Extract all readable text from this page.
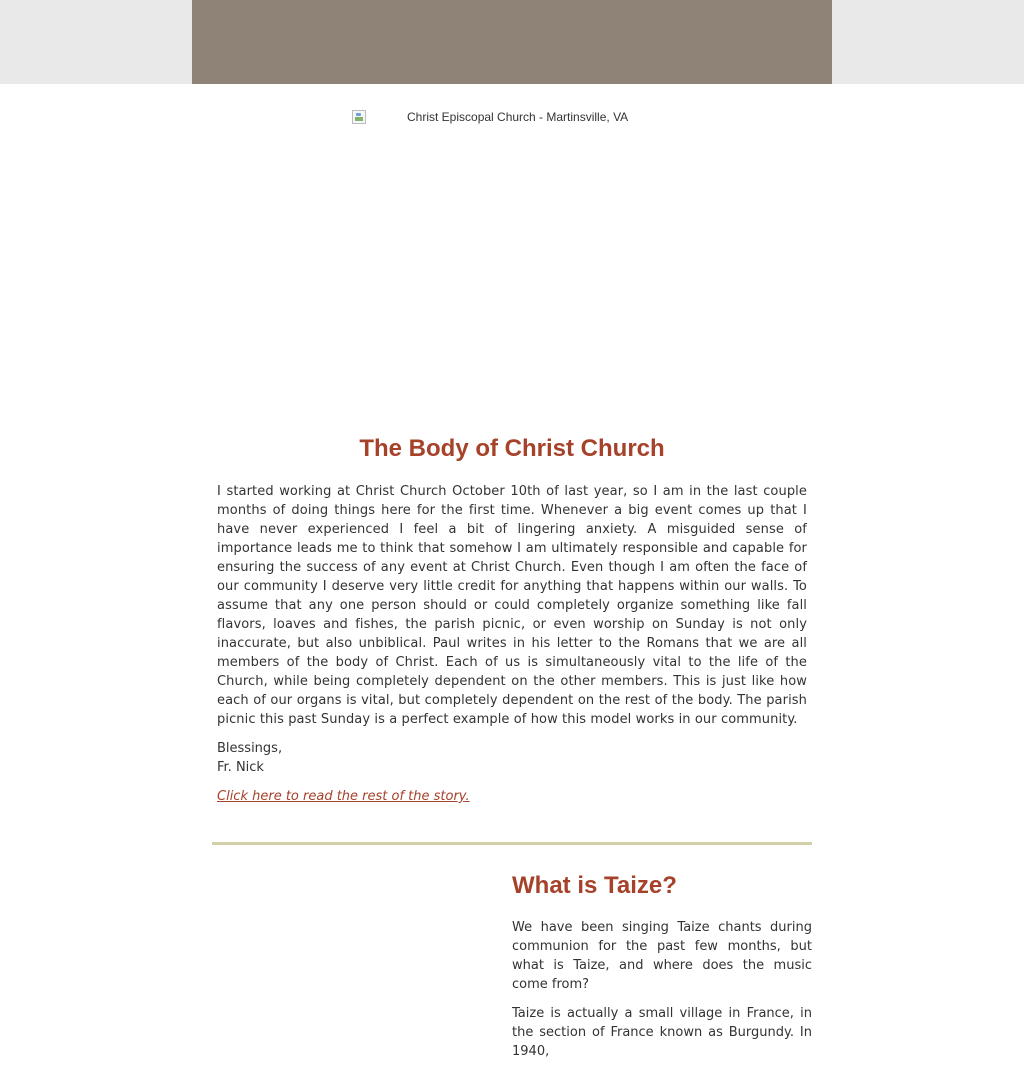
Christ Episcopal Church - Martinsville, VA
The Body of Christ Church

I started working at Christ Church October 10th of last year, so I am in the last couple months of doing things here for the first time. Whenever a big event comes up that I have never experienced I feel a bit of lingering anxiety. A misguided sense of importance leads me to think that somehow I am ultimately responsible and capable for ensuring the success of any event at Christ Church. Even though I am often the face of our community I deserve very little credit for anything that happens within our walls. To assume that any one person should or could completely organize something like fall flavors, loaves and fishes, the parish picnic, or even worship on Sunday is not only inaccurate, but also unbiblical. Paul writes in his letter to the Romans that we are all members of the body of Christ. Each of us is simultaneously vital to the life of the Church, while being completely dependent on the other members. This is just like how each of our organs is vital, but completely dependent on the rest of the body. The parish picnic this past Sunday is a perfect example of how this model works in our community.

Blessings,
Fr. Nick
Click here to read the rest of the story.
What is Taize?

We have been singing Taize chants during communion for the past few months, but what is Taize, and where does the music come from?

Taize is actually a small village in France, in the section of France known as Burgundy. In 1940,
